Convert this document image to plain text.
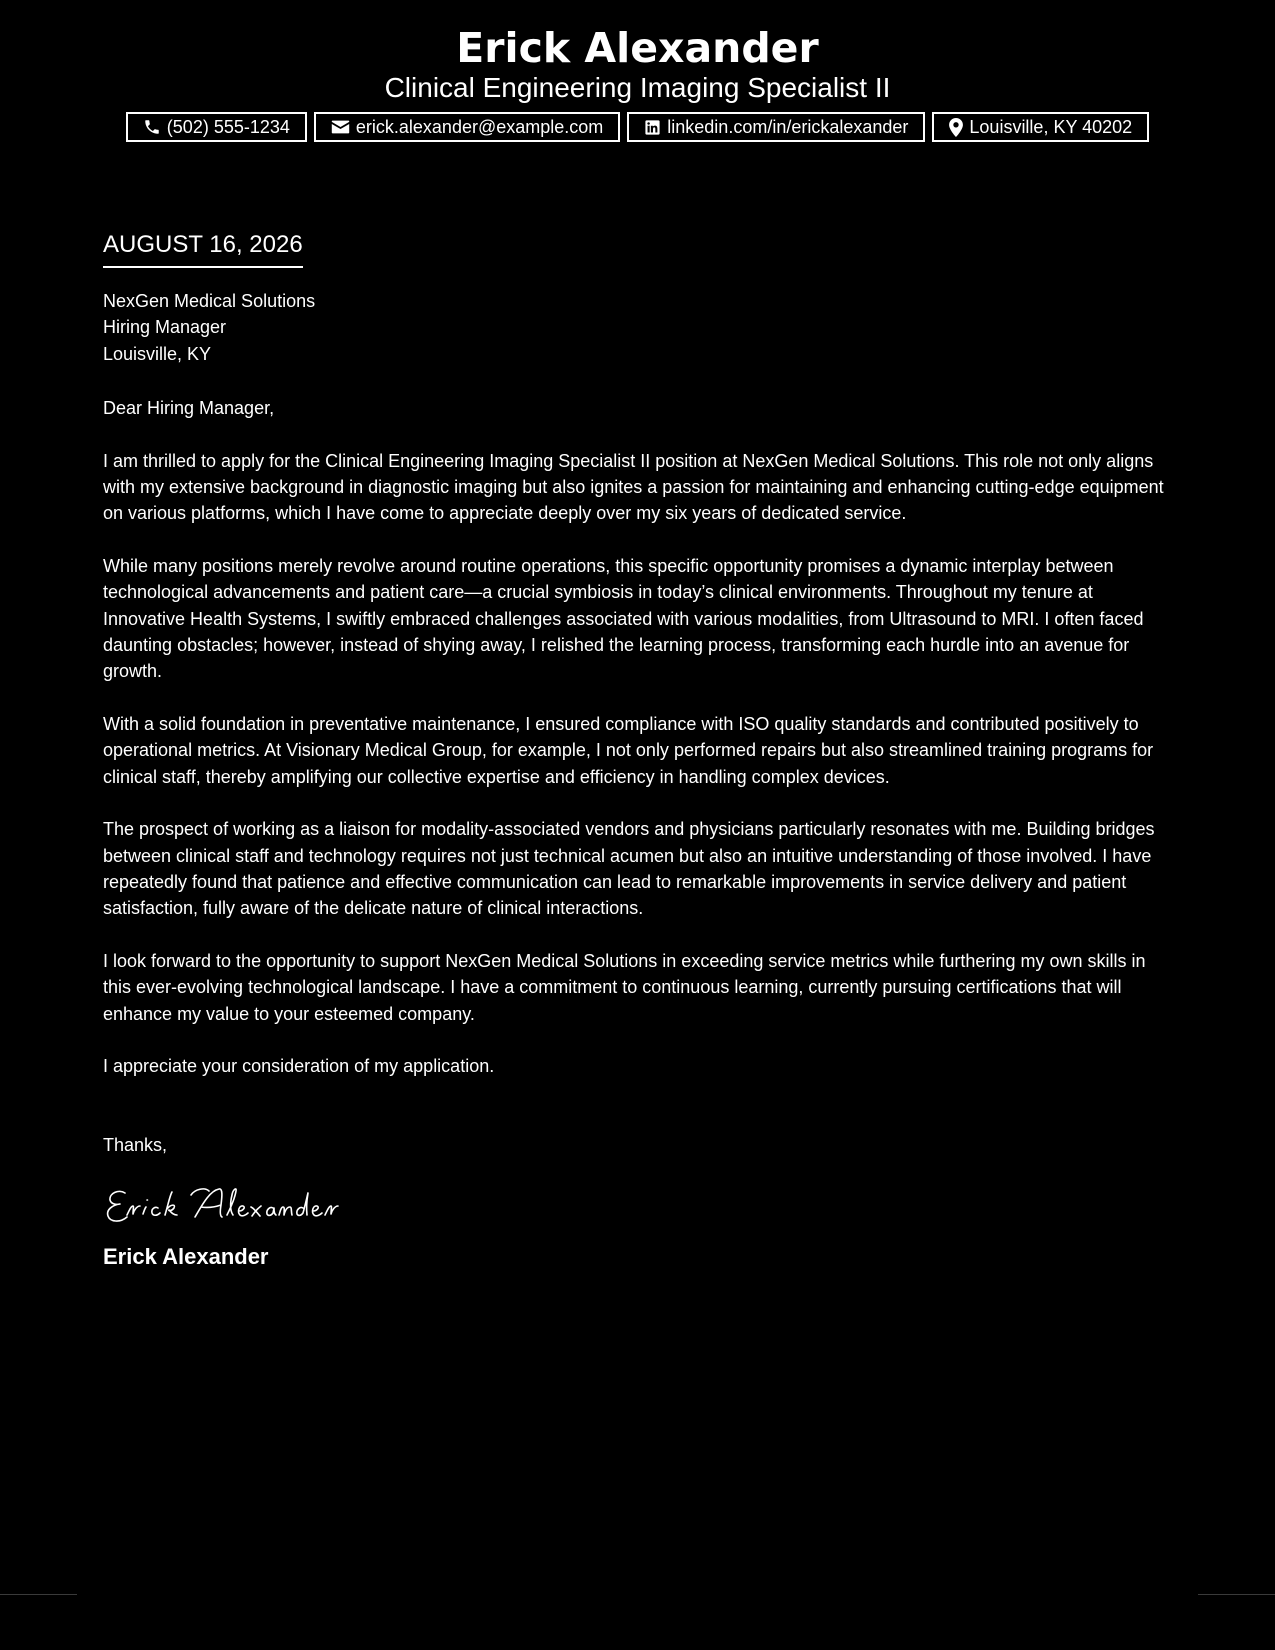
Erick Alexander
Clinical Engineering Imaging Specialist II
(502) 555-1234	erick.alexander@example.com	linkedin.com/in/erickalexander	Louisville, KY 40202
AUGUST 16, 2026
NexGen Medical Solutions
Hiring Manager
Louisville, KY
Dear Hiring Manager,
I am thrilled to apply for the Clinical Engineering Imaging Specialist II position at NexGen Medical Solutions. This role not only aligns with my extensive background in diagnostic imaging but also ignites a passion for maintaining and enhancing cutting-edge equipment on various platforms, which I have come to appreciate deeply over my six years of dedicated service.
While many positions merely revolve around routine operations, this specific opportunity promises a dynamic interplay between technological advancements and patient care—a crucial symbiosis in today’s clinical environments. Throughout my tenure at Innovative Health Systems, I swiftly embraced challenges associated with various modalities, from Ultrasound to MRI. I often faced daunting obstacles; however, instead of shying away, I relished the learning process, transforming each hurdle into an avenue for growth.
With a solid foundation in preventative maintenance, I ensured compliance with ISO quality standards and contributed positively to operational metrics. At Visionary Medical Group, for example, I not only performed repairs but also streamlined training programs for clinical staff, thereby amplifying our collective expertise and efficiency in handling complex devices.
The prospect of working as a liaison for modality-associated vendors and physicians particularly resonates with me. Building bridges between clinical staff and technology requires not just technical acumen but also an intuitive understanding of those involved. I have repeatedly found that patience and effective communication can lead to remarkable improvements in service delivery and patient satisfaction, fully aware of the delicate nature of clinical interactions.
I look forward to the opportunity to support NexGen Medical Solutions in exceeding service metrics while furthering my own skills in this ever-evolving technological landscape. I have a commitment to continuous learning, currently pursuing certifications that will enhance my value to your esteemed company.
I appreciate your consideration of my application.
Thanks,
Erick Alexander
